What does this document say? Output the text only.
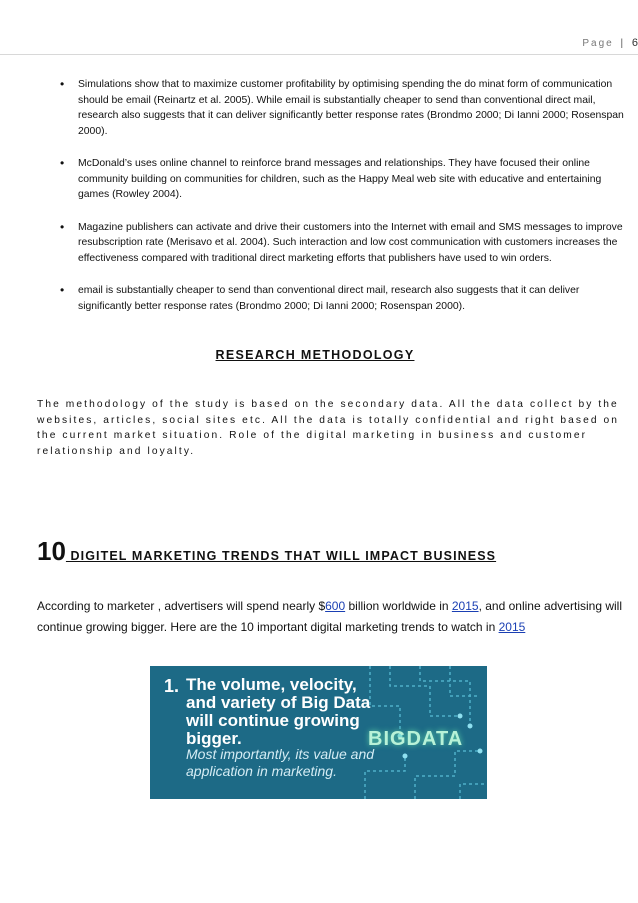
Page | 6
• Simulations show that to maximize customer profitability by optimising spending the do minat form of communication should be email (Reinartz et al. 2005). While email is substantially cheaper to send than conventional direct mail, research also suggests that it can deliver significantly better response rates (Brondmo 2000; Di Ianni 2000; Rosenspan 2000).
• McDonald’s uses online channel to reinforce brand messages and relationships. They have focused their online community building on communities for children, such as the Happy Meal web site with educative and entertaining games (Rowley 2004).
• Magazine publishers can activate and drive their customers into the Internet with email and SMS messages to improve resubscription rate (Merisavo et al. 2004). Such interaction and low cost communication with customers increases the effectiveness compared with traditional direct marketing efforts that publishers have used to win orders.
• email is substantially cheaper to send than conventional direct mail, research also suggests that it can deliver significantly better response rates (Brondmo 2000; Di Ianni 2000; Rosenspan 2000).
RESEARCH METHODOLOGY

The methodology of the study is based on the secondary data. All the data collect by the websites, articles, social sites etc. All the data is totally confidential and right based on the current market situation. Role of the digital marketing in business and customer relationship and loyalty.

10 DIGITEL MARKETING TRENDS THAT WILL IMPACT BUSINESS

According to marketer , advertisers will spend nearly $600 billion worldwide in 2015, and online advertising will continue growing bigger. Here are the 10 important digital marketing trends to watch in 2015

1. The volume, velocity, and variety of Big Data will continue growing bigger.
Most importantly, its value and application in marketing.
BIGDATA
